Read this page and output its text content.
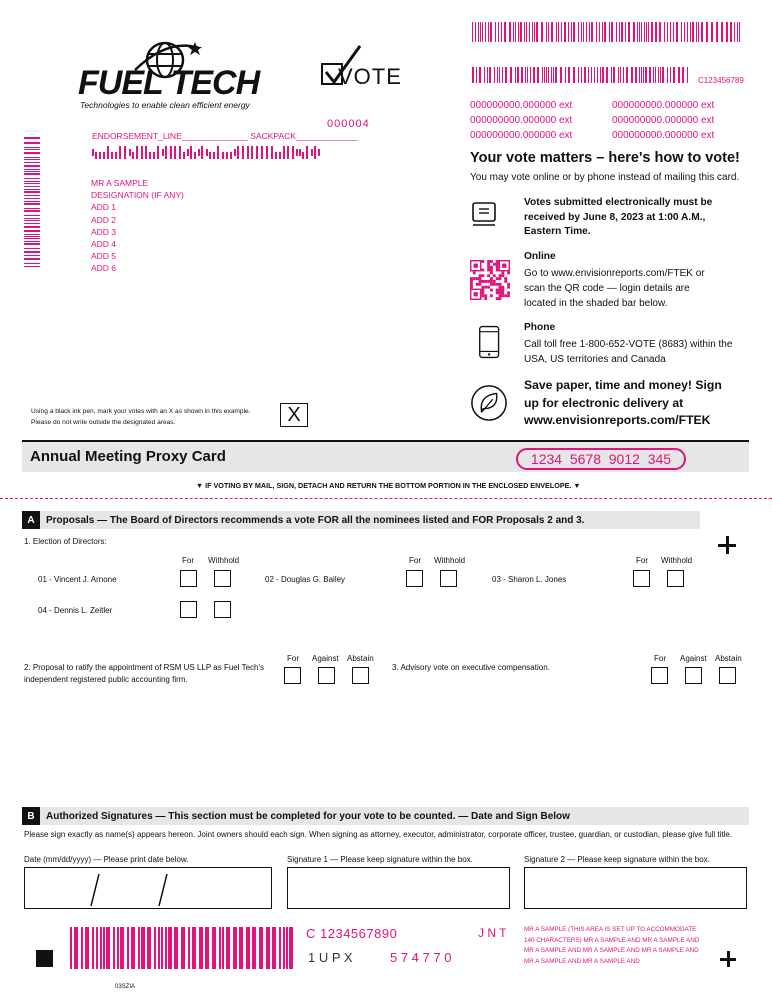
FUEL TECH
Technologies to enable clean efficient energy
VOTE	C123456789
000000000.000000 ext	000000000.000000 ext
000000000.000000 ext	000000000.000000 ext
000000000.000000 ext	000000000.000000 ext
000004
ENDORSEMENT_LINE______________ SACKPACK_____________
MR A SAMPLE
DESIGNATION (IF ANY)
ADD 1
ADD 2
ADD 3
ADD 4
ADD 5
ADD 6
Your vote matters – here's how to vote!
You may vote online or by phone instead of mailing this card.
Votes submitted electronically must be received by June 8, 2023 at 1:00 A.M., Eastern Time.
Online
Go to www.envisionreports.com/FTEK or scan the QR code — login details are located in the shaded bar below.
Phone
Call toll free 1-800-652-VOTE (8683) within the USA, US territories and Canada
Save paper, time and money! Sign up for electronic delivery at www.envisionreports.com/FTEK
Using a black ink pen, mark your votes with an X as shown in this example.
Please do not write outside the designated areas.	X
Annual Meeting Proxy Card	1234  5678  9012  345
▼ IF VOTING BY MAIL, SIGN, DETACH AND RETURN THE BOTTOM PORTION IN THE ENCLOSED ENVELOPE. ▼
A	Proposals — The Board of Directors recommends a vote FOR all the nominees listed and FOR Proposals 2 and 3.
1. Election of Directors:
For Withhold	For Withhold	For Withhold
01 - Vincent J. Arnone	02 - Douglas G. Bailey	03 - Sharon L. Jones
04 - Dennis L. Zeitler
2. Proposal to ratify the appointment of RSM US LLP as Fuel Tech's independent registered public accounting firm.
For Against Abstain
3. Advisory vote on executive compensation.
For Against Abstain
B	Authorized Signatures — This section must be completed for your vote to be counted. — Date and Sign Below
Please sign exactly as name(s) appears hereon. Joint owners should each sign. When signing as attorney, executor, administrator, corporate officer, trustee, guardian, or custodian, please give full title.
Date (mm/dd/yyyy) — Please print date below.	Signature 1 — Please keep signature within the box.	Signature 2 — Please keep signature within the box.
C 1234567890	J N T
1 U P X	5 7 4 7 7 0
MR A SAMPLE (THIS AREA IS SET UP TO ACCOMMODATE 140 CHARACTERS) MR A SAMPLE AND MR A SAMPLE AND MR A SAMPLE AND MR A SAMPLE AND MR A SAMPLE AND MR A SAMPLE AND MR A SAMPLE AND
03SZIA
